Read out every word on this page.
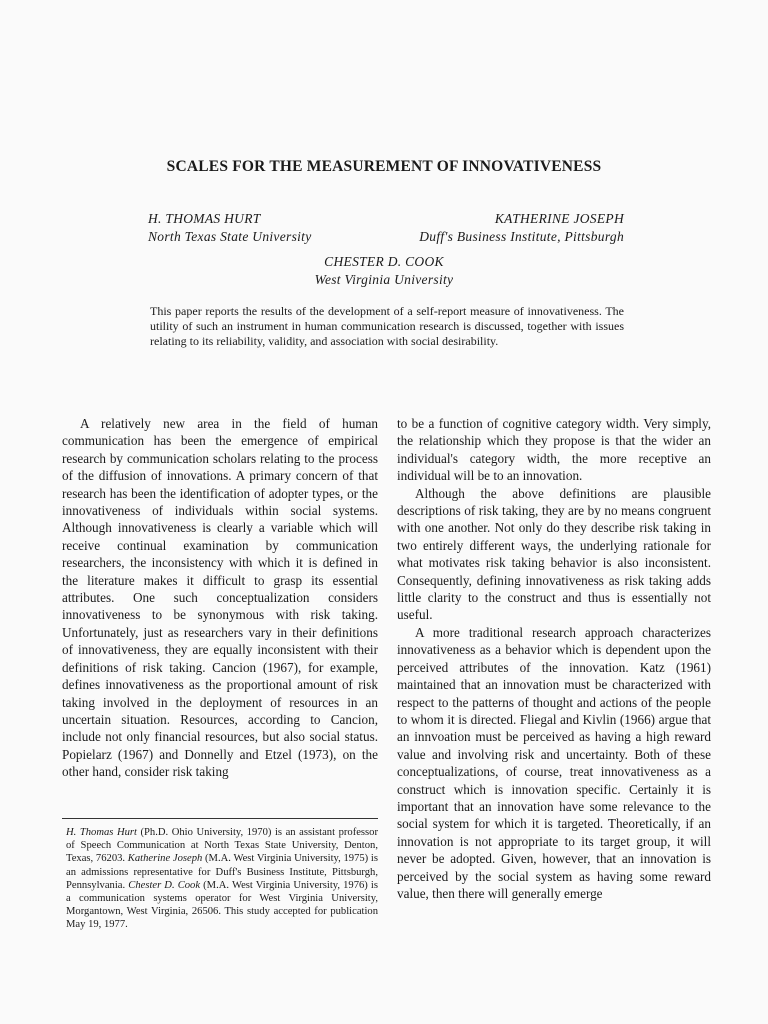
SCALES FOR THE MEASUREMENT OF INNOVATIVENESS
H. THOMAS HURT
North Texas State University
KATHERINE JOSEPH
Duff's Business Institute, Pittsburgh
CHESTER D. COOK
West Virginia University
This paper reports the results of the development of a self-report measure of innovativeness. The utility of such an instrument in human communication research is discussed, together with issues relating to its reliability, validity, and association with social desirability.

A relatively new area in the field of human communication has been the emergence of empirical research by communication scholars relating to the process of the diffusion of innovations. A primary concern of that research has been the identification of adopter types, or the innovativeness of individuals within social systems. Although innovativeness is clearly a variable which will receive continual examination by communication researchers, the inconsistency with which it is defined in the literature makes it difficult to grasp its essential attributes. One such conceptualization considers innovativeness to be synonymous with risk taking. Unfortunately, just as researchers vary in their definitions of innovativeness, they are equally inconsistent with their definitions of risk taking. Cancion (1967), for example, defines innovativeness as the proportional amount of risk taking involved in the deployment of resources in an uncertain situation. Resources, according to Cancion, include not only financial resources, but also social status. Popielarz (1967) and Donnelly and Etzel (1973), on the other hand, consider risk taking

to be a function of cognitive category width. Very simply, the relationship which they propose is that the wider an individual's category width, the more receptive an individual will be to an innovation.

Although the above definitions are plausible descriptions of risk taking, they are by no means congruent with one another. Not only do they describe risk taking in two entirely different ways, the underlying rationale for what motivates risk taking behavior is also inconsistent. Consequently, defining innovativeness as risk taking adds little clarity to the construct and thus is essentially not useful.

A more traditional research approach characterizes innovativeness as a behavior which is dependent upon the perceived attributes of the innovation. Katz (1961) maintained that an innovation must be characterized with respect to the patterns of thought and actions of the people to whom it is directed. Fliegal and Kivlin (1966) argue that an innvoation must be perceived as having a high reward value and involving risk and uncertainty. Both of these conceptualizations, of course, treat innovativeness as a construct which is innovation specific. Certainly it is important that an innovation have some relevance to the social system for which it is targeted. Theoretically, if an innovation is not appropriate to its target group, it will never be adopted. Given, however, that an innovation is perceived by the social system as having some reward value, then there will generally emerge

H. Thomas Hurt (Ph.D. Ohio University, 1970) is an assistant professor of Speech Communication at North Texas State University, Denton, Texas, 76203. Katherine Joseph (M.A. West Virginia University, 1975) is an admissions representative for Duff's Business Institute, Pittsburgh, Pennsylvania. Chester D. Cook (M.A. West Virginia University, 1976) is a communication systems operator for West Virginia University, Morgantown, West Virginia, 26506. This study accepted for publication May 19, 1977.
